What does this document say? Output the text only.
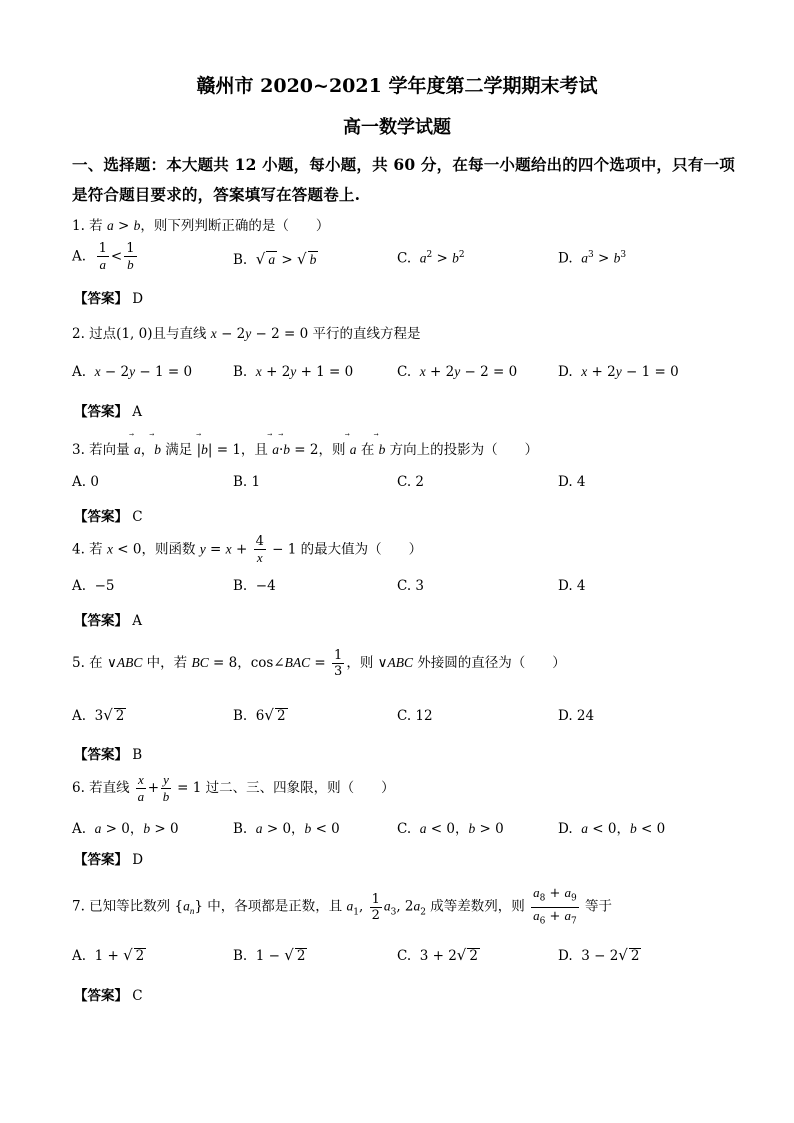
赣州市 2020~2021 学年度第二学期期末考试
高一数学试题
一、选择题：本大题共 12 小题，每小题，共 60 分，在每一小题给出的四个选项中，只有一项
是符合题目要求的，答案填写在答题卷上.
1. 若 a > b，则下列判断正确的是（　　）
A. $\frac{1}{a} < \frac{1}{b}$	B.  √ a > √ b	C.  $a^2 > b^2$	D.  $a^3 > b^3$
【答案】 D
2. 过点(1, 0)且与直线 x − 2y − 2 = 0 平行的直线方程是
A.  x − 2y − 1 = 0	B.  x + 2y + 1 = 0	C.  x + 2y − 2 = 0	D.  x + 2y − 1 = 0
【答案】 A
3. 若向量 ⃗ a，⃗ b 满足 |⃗ b| = 1，且 ⃗ a·⃗ b = 2，则 ⃗ a 在 ⃗ b 方向上的投影为（　　）
A. 0	B. 1	C. 2	D. 4
【答案】 C
4. 若 x < 0，则函数 $y = x + \frac{4}{x} - 1$ 的最大值为（　　）
A.  −5	B.  −4	C. 3	D. 4
【答案】 A
5. 在 ∨ABC 中，若 BC = 8，cos∠BAC = $\frac{1}{3}$ ，则 ∨ABC 外接圆的直径为（　　）
A.  3√ 2	B.  6√ 2	C. 12	D. 24
【答案】 B
6. 若直线 $\frac{x}{a} + \frac{y}{b} = 1$ 过二、三、四象限，则（　　）
A.  a > 0，b > 0	B.  a > 0，b < 0	C.  a < 0，b > 0	D.  a < 0，b < 0
【答案】 D
7. 已知等比数列 $\{a_n\}$ 中，各项都是正数，且 $a_1$, $\frac{1}{2} a_3$, $2a_2$ 成等差数列，则 $\frac{a_8 + a_9}{a_6 + a_7}$ 等于
A.  1 + √ 2	B.  1 − √ 2	C.  3 + 2√ 2	D.  3 − 2√ 2
【答案】 C
